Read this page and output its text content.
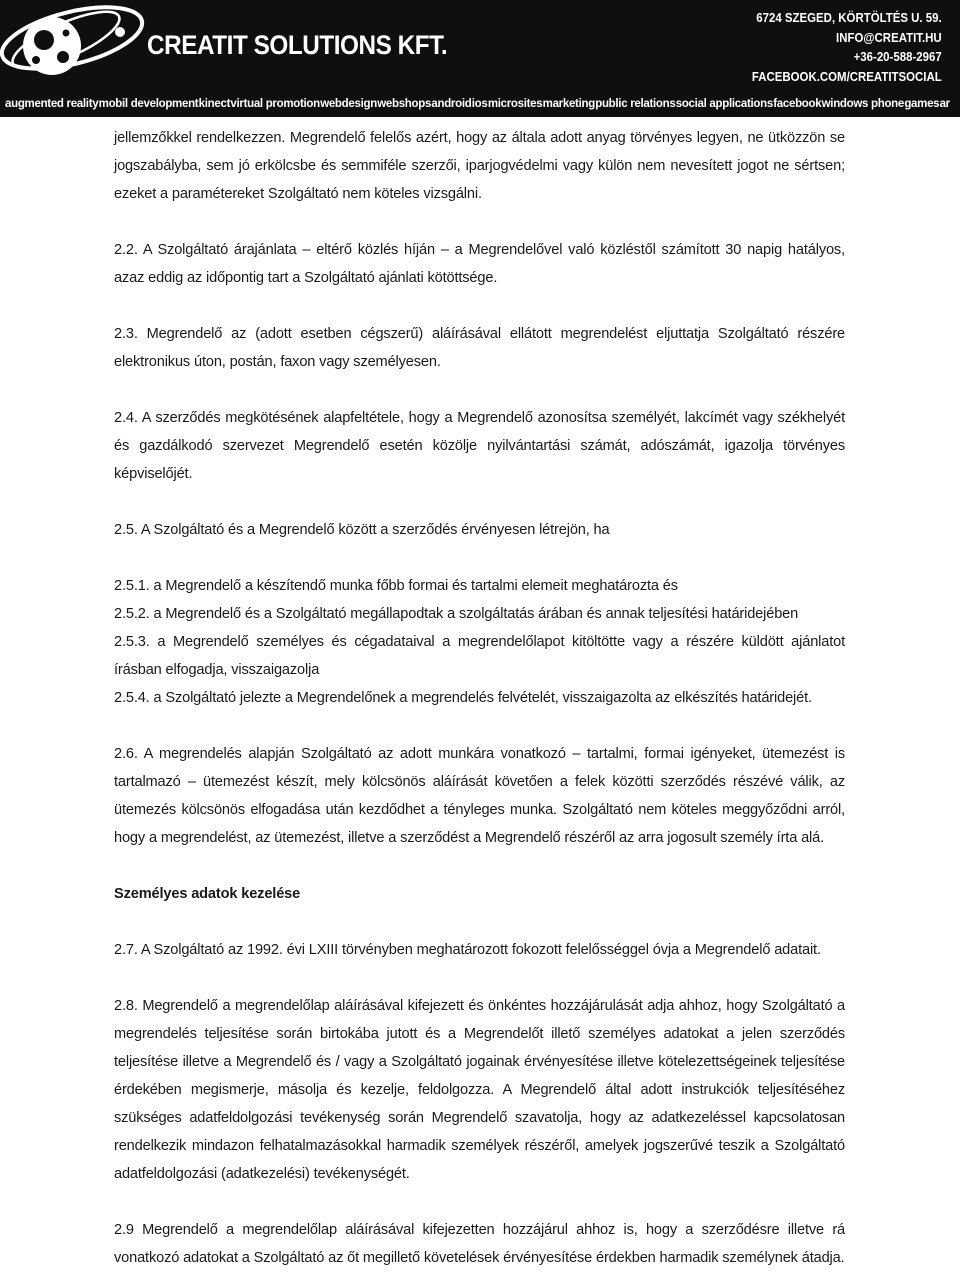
CREATIT SOLUTIONS KFT.
6724 SZEGED, KÖRTÖLTÉS U. 59.
INFO@CREATIT.HU
+36-20-588-2967
FACEBOOK.COM/CREATITSOCIAL
augmented reality mobil development kinect virtual promotion webdesign webshops android ios microsites marketing public relations social applications facebook windows phone games ar

jellemzőkkel rendelkezzen. Megrendelő felelős azért, hogy az általa adott anyag törvényes legyen, ne ütközzön se jogszabályba, sem jó erkölcsbe és semmiféle szerzői, iparjogvédelmi vagy külön nem nevesített jogot ne sértsen; ezeket a paramétereket Szolgáltató nem köteles vizsgálni.

2.2. A Szolgáltató árajánlata – eltérő közlés híján – a Megrendelővel való közléstől számított 30 napig hatályos, azaz eddig az időpontig tart a Szolgáltató ajánlati kötöttsége.

2.3. Megrendelő az (adott esetben cégszerű) aláírásával ellátott megrendelést eljuttatja Szolgáltató részére elektronikus úton, postán, faxon vagy személyesen.

2.4. A szerződés megkötésének alapfeltétele, hogy a Megrendelő azonosítsa személyét, lakcímét vagy székhelyét és gazdálkodó szervezet Megrendelő esetén közölje nyilvántartási számát, adószámát, igazolja törvényes képviselőjét.

2.5. A Szolgáltató és a Megrendelő között a szerződés érvényesen létrejön, ha

2.5.1. a Megrendelő a készítendő munka főbb formai és tartalmi elemeit meghatározta és

2.5.2. a Megrendelő és a Szolgáltató megállapodtak a szolgáltatás árában és annak teljesítési határidejében

2.5.3. a Megrendelő személyes és cégadataival a megrendelőlapot kitöltötte vagy a részére küldött ajánlatot írásban elfogadja, visszaigazolja

2.5.4. a Szolgáltató jelezte a Megrendelőnek a megrendelés felvételét, visszaigazolta az elkészítés határidejét.

2.6. A megrendelés alapján Szolgáltató az adott munkára vonatkozó – tartalmi, formai igényeket, ütemezést is tartalmazó – ütemezést készít, mely kölcsönös aláírását követően a felek közötti szerződés részévé válik, az ütemezés kölcsönös elfogadása után kezdődhet a tényleges munka. Szolgáltató nem köteles meggyőződni arról, hogy a megrendelést, az ütemezést, illetve a szerződést a Megrendelő részéről az arra jogosult személy írta alá.

Személyes adatok kezelése

2.7. A Szolgáltató az 1992. évi LXIII törvényben meghatározott fokozott felelősséggel óvja a Megrendelő adatait.

2.8. Megrendelő a megrendelőlap aláírásával kifejezett és önkéntes hozzájárulását adja ahhoz, hogy Szolgáltató a megrendelés teljesítése során birtokába jutott és a Megrendelőt illető személyes adatokat a jelen szerződés teljesítése illetve a Megrendelő és / vagy a Szolgáltató jogainak érvényesítése illetve kötelezettségeinek teljesítése érdekében megismerje, másolja és kezelje, feldolgozza. A Megrendelő által adott instrukciók teljesítéséhez szükséges adatfeldolgozási tevékenység során Megrendelő szavatolja, hogy az adatkezeléssel kapcsolatosan rendelkezik mindazon felhatalmazásokkal harmadik személyek részéről, amelyek jogszerűvé teszik a Szolgáltató adatfeldolgozási (adatkezelési) tevékenységét.

2.9 Megrendelő a megrendelőlap aláírásával kifejezetten hozzájárul ahhoz is, hogy a szerződésre illetve rá vonatkozó adatokat a Szolgáltató az őt megillető követelések érvényesítése érdekben harmadik személynek átadja.
